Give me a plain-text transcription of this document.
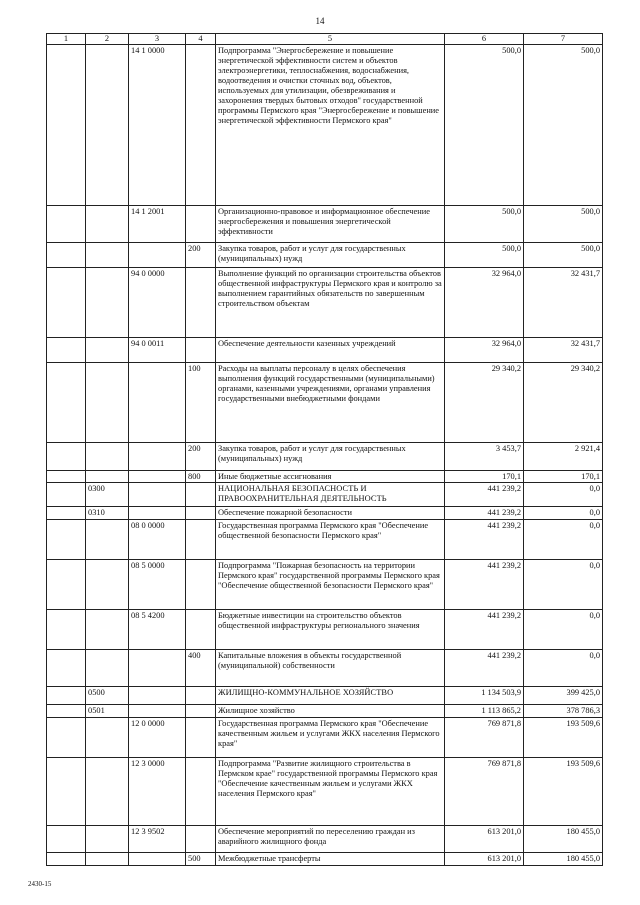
14
1	2	3	4	5	6	7
		14 1 0000		Подпрограмма "Энергосбережение и повышение энергетической эффективности систем и объектов электроэнергетики, теплоснабжения, водоснабжения, водоотведения и очистки сточных вод, объектов, используемых для утилизации, обезвреживания и захоронения твердых бытовых отходов" государственной программы Пермского края "Энергосбережение и повышение энергетической эффективности Пермского края"	500,0	500,0
		14 1 2001		Организационно-правовое и информационное обеспечение энергосбережения и повышения энергетической эффективности	500,0	500,0
			200	Закупка товаров, работ и услуг для государственных (муниципальных) нужд	500,0	500,0
		94 0 0000		Выполнение функций по организации строительства объектов общественной инфраструктуры Пермского края и контролю за выполнением гарантийных обязательств по завершенным строительством объектам	32 964,0	32 431,7
		94 0 0011		Обеспечение деятельности казенных учреждений	32 964,0	32 431,7
			100	Расходы на выплаты персоналу в целях обеспечения выполнения функций государственными (муниципальными) органами, казенными учреждениями, органами управления государственными внебюджетными фондами	29 340,2	29 340,2
			200	Закупка товаров, работ и услуг для государственных (муниципальных) нужд	3 453,7	2 921,4
			800	Иные бюджетные ассигнования	170,1	170,1
	0300			НАЦИОНАЛЬНАЯ БЕЗОПАСНОСТЬ И ПРАВООХРАНИТЕЛЬНАЯ ДЕЯТЕЛЬНОСТЬ	441 239,2	0,0
	0310			Обеспечение пожарной безопасности	441 239,2	0,0
		08 0 0000		Государственная программа Пермского края "Обеспечение общественной безопасности Пермского края"	441 239,2	0,0
		08 5 0000		Подпрограмма "Пожарная безопасность на территории Пермского края" государственной программы Пермского края "Обеспечение общественной безопасности Пермского края"	441 239,2	0,0
		08 5 4200		Бюджетные инвестиции на строительство объектов общественной инфраструктуры регионального значения	441 239,2	0,0
			400	Капитальные вложения в объекты государственной (муниципальной) собственности	441 239,2	0,0
	0500			ЖИЛИЩНО-КОММУНАЛЬНОЕ ХОЗЯЙСТВО	1 134 503,9	399 425,0
	0501			Жилищное хозяйство	1 113 865,2	378 786,3
		12 0 0000		Государственная программа Пермского края "Обеспечение качественным жильем и услугами ЖКХ населения Пермского края"	769 871,8	193 509,6
		12 3 0000		Подпрограмма "Развитие жилищного строительства в Пермском крае" государственной программы Пермского края "Обеспечение качественным жильем и услугами ЖКХ населения Пермского края"	769 871,8	193 509,6
		12 3 9502		Обеспечение мероприятий по переселению граждан из аварийного жилищного фонда	613 201,0	180 455,0
			500	Межбюджетные трансферты	613 201,0	180 455,0
2430-15
